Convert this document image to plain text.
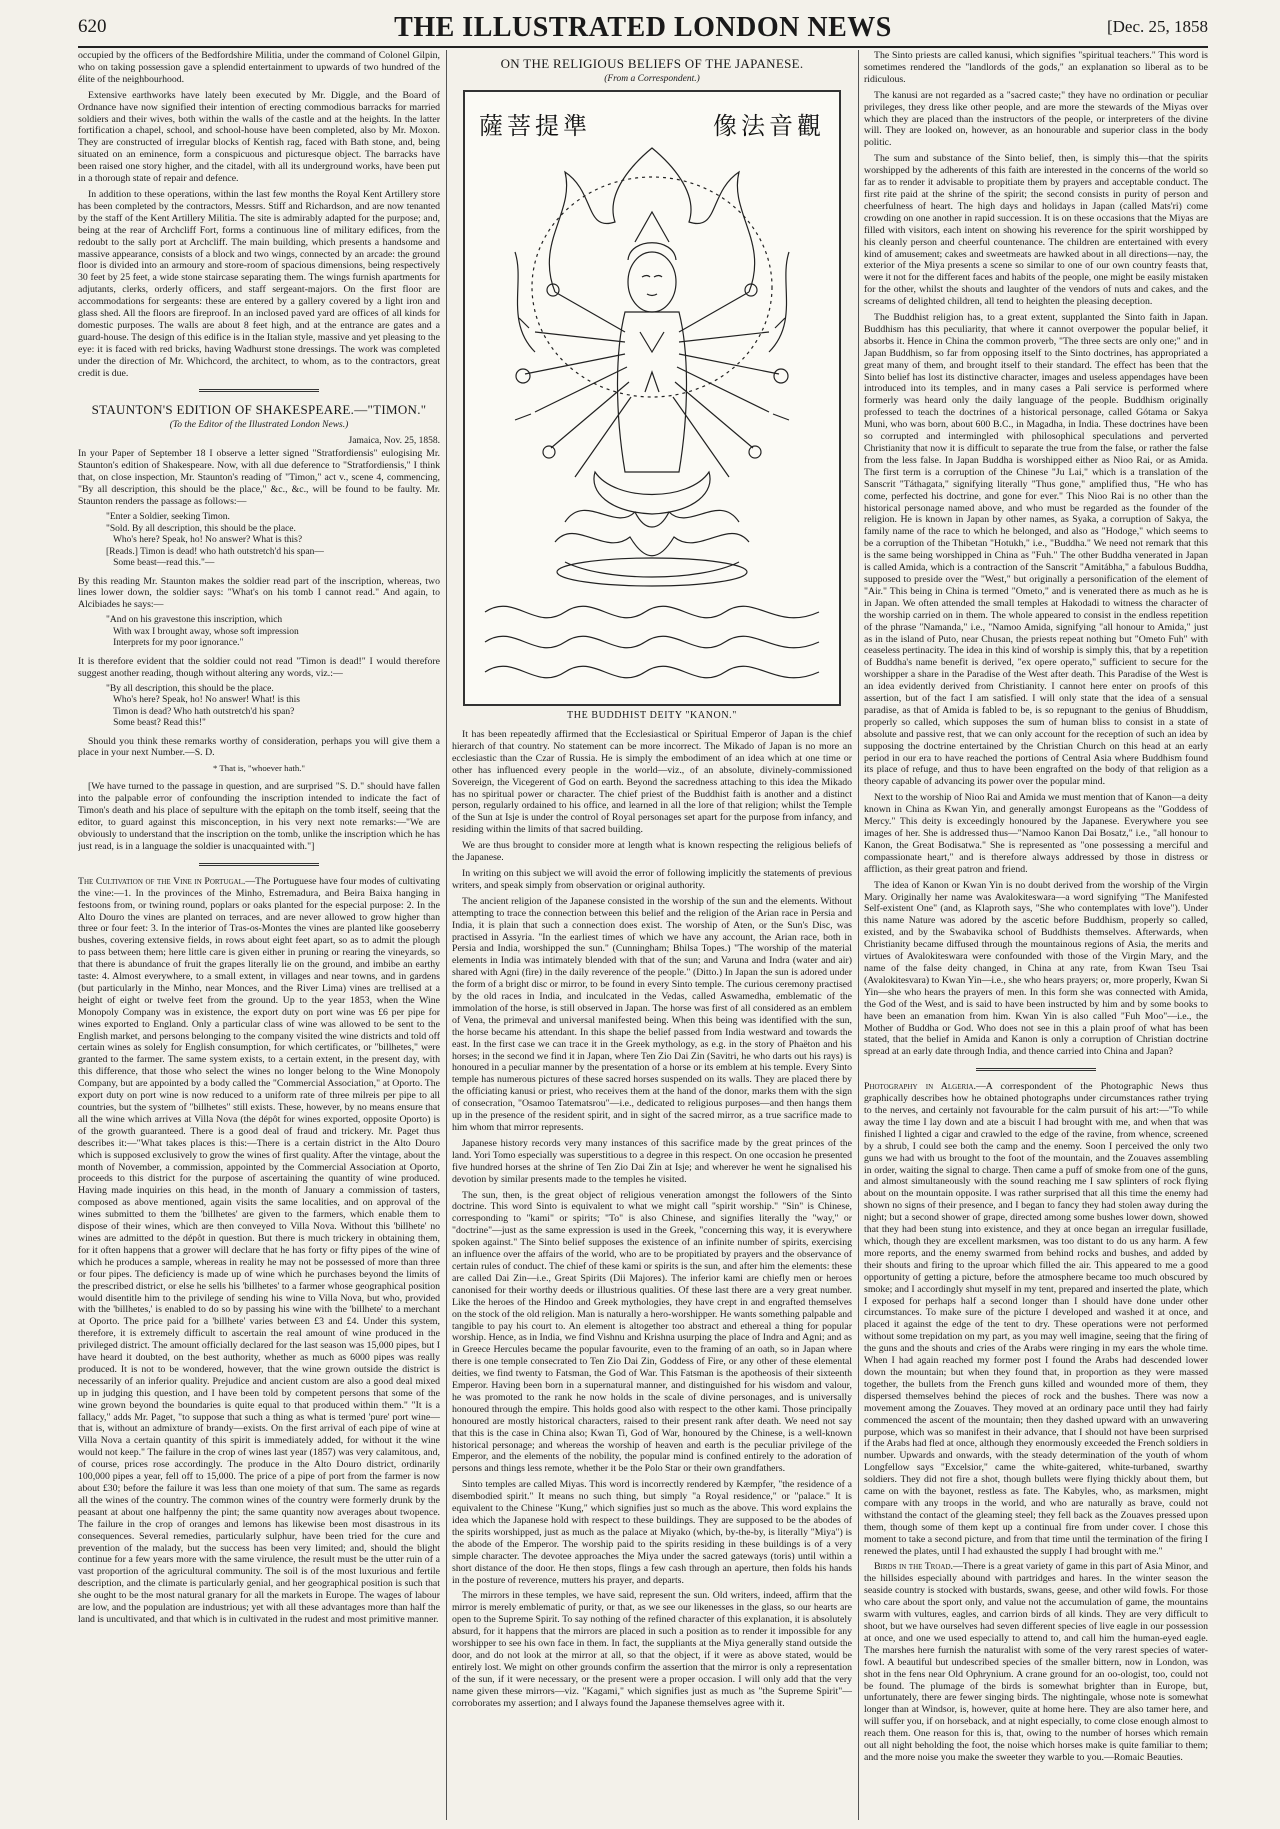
620	THE ILLUSTRATED LONDON NEWS	[Dec. 25, 1858

occupied by the officers of the Bedfordshire Militia, under the command of Colonel Gilpin, who on taking possession gave a splendid entertainment to upwards of two hundred of the élite of the neighbourhood.

Extensive earthworks have lately been executed by Mr. Diggle, and the Board of Ordnance have now signified their intention of erecting commodious barracks for married soldiers and their wives, both within the walls of the castle and at the heights. In the latter fortification a chapel, school, and school-house have been completed, also by Mr. Moxon. They are constructed of irregular blocks of Kentish rag, faced with Bath stone, and, being situated on an eminence, form a conspicuous and picturesque object. The barracks have been raised one story higher, and the citadel, with all its underground works, have been put in a thorough state of repair and defence.

In addition to these operations, within the last few months the Royal Kent Artillery store has been completed by the contractors, Messrs. Stiff and Richardson, and are now tenanted by the staff of the Kent Artillery Militia. The site is admirably adapted for the purpose; and, being at the rear of Archcliff Fort, forms a continuous line of military edifices, from the redoubt to the sally port at Archcliff. The main building, which presents a handsome and massive appearance, consists of a block and two wings, connected by an arcade: the ground floor is divided into an armoury and store-room of spacious dimensions, being respectively 30 feet by 25 feet, a wide stone staircase separating them. The wings furnish apartments for adjutants, clerks, orderly officers, and staff sergeant-majors. On the first floor are accommodations for sergeants: these are entered by a gallery covered by a light iron and glass shed. All the floors are fireproof. In an inclosed paved yard are offices of all kinds for domestic purposes. The walls are about 8 feet high, and at the entrance are gates and a guard-house. The design of this edifice is in the Italian style, massive and yet pleasing to the eye: it is faced with red bricks, having Wadhurst stone dressings. The work was completed under the direction of Mr. Whichcord, the architect, to whom, as to the contractors, great credit is due.

STAUNTON'S EDITION OF SHAKESPEARE.—"TIMON."
(To the Editor of the Illustrated London News.)
Jamaica, Nov. 25, 1858.

In your Paper of September 18 I observe a letter signed "Stratfordiensis" eulogising Mr. Staunton's edition of Shakespeare. Now, with all due deference to "Stratfordiensis," I think that, on close inspection, Mr. Staunton's reading of "Timon," act v., scene 4, commencing, "By all description, this should be the place," &c., &c., will be found to be faulty. Mr. Staunton renders the passage as follows:—

"Enter a Soldier, seeking Timon.
"Sold. By all description, this should be the place.
Who's here? Speak, ho! No answer? What is this?
[Reads.] Timon is dead! who hath outstretch'd his span—
Some beast—read this."—

By this reading Mr. Staunton makes the soldier read part of the inscription, whereas, two lines lower down, the soldier says: "What's on his tomb I cannot read." And again, to Alcibiades he says:—

"And on his gravestone this inscription, which
With wax I brought away, whose soft impression
Interprets for my poor ignorance."

It is therefore evident that the soldier could not read "Timon is dead!" I would therefore suggest another reading, though without altering any words, viz.:—

"By all description, this should be the place.
Who's here? Speak, ho! No answer! What! is this
Timon is dead? Who hath outstretch'd his span?
Some beast? Read this!"

Should you think these remarks worthy of consideration, perhaps you will give them a place in your next Number.—S. D.

* That is, "whoever hath."

[We have turned to the passage in question, and are surprised "S. D." should have fallen into the palpable error of confounding the inscription intended to indicate the fact of Timon's death and his place of sepulture with the epitaph on the tomb itself, seeing that the editor, to guard against this misconception, in his very next note remarks:—"We are obviously to understand that the inscription on the tomb, unlike the inscription which he has just read, is in a language the soldier is unacquainted with."]

The Cultivation of the Vine in Portugal.—The Portuguese have four modes of cultivating the vine:—1. In the provinces of the Minho, Estremadura, and Beira Baixa hanging in festoons from, or twining round, poplars or oaks planted for the especial purpose: 2. In the Alto Douro the vines are planted on terraces, and are never allowed to grow higher than three or four feet: 3. In the interior of Tras-os-Montes the vines are planted like gooseberry bushes, covering extensive fields, in rows about eight feet apart, so as to admit the plough to pass between them; here little care is given either in pruning or rearing the vineyards, so that there is abundance of fruit the grapes literally lie on the ground, and imbibe an earthy taste: 4. Almost everywhere, to a small extent, in villages and near towns, and in gardens (but particularly in the Minho, near Monces, and the River Lima) vines are trellised at a height of eight or twelve feet from the ground. Up to the year 1853, when the Wine Monopoly Company was in existence, the export duty on port wine was £6 per pipe for wines exported to England. Only a particular class of wine was allowed to be sent to the English market, and persons belonging to the company visited the wine districts and told off certain wines as solely for English consumption, for which certificates, or "billhetes," were granted to the farmer. The same system exists, to a certain extent, in the present day, with this difference, that those who select the wines no longer belong to the Wine Monopoly Company, but are appointed by a body called the "Commercial Association," at Oporto. The export duty on port wine is now reduced to a uniform rate of three milreis per pipe to all countries, but the system of "billhetes" still exists. These, however, by no means ensure that all the wine which arrives at Villa Nova (the dépôt for wines exported, opposite Oporto) is of the growth guaranteed. There is a good deal of fraud and trickery. Mr. Paget thus describes it:—"What takes places is this:—There is a certain district in the Alto Douro which is supposed exclusively to grow the wines of first quality. After the vintage, about the month of November, a commission, appointed by the Commercial Association at Oporto, proceeds to this district for the purpose of ascertaining the quantity of wine produced. Having made inquiries on this head, in the month of January a commission of tasters, composed as above mentioned, again visits the same localities, and on approval of the wines submitted to them the 'billhetes' are given to the farmers, which enable them to dispose of their wines, which are then conveyed to Villa Nova. Without this 'billhete' no wines are admitted to the dépôt in question. But there is much trickery in obtaining them, for it often happens that a grower will declare that he has forty or fifty pipes of the wine of which he produces a sample, whereas in reality he may not be possessed of more than three or four pipes. The deficiency is made up of wine which he purchases beyond the limits of the prescribed district, or else he sells his 'billhetes' to a farmer whose geographical position would disentitle him to the privilege of sending his wine to Villa Nova, but who, provided with the 'billhetes,' is enabled to do so by passing his wine with the 'billhete' to a merchant at Oporto. The price paid for a 'billhete' varies between £3 and £4. Under this system, therefore, it is extremely difficult to ascertain the real amount of wine produced in the privileged district. The amount officially declared for the last season was 15,000 pipes, but I have heard it doubted, on the best authority, whether as much as 6000 pipes was really produced. It is not to be wondered, however, that the wine grown outside the district is necessarily of an inferior quality. Prejudice and ancient custom are also a good deal mixed up in judging this question, and I have been told by competent persons that some of the wine grown beyond the boundaries is quite equal to that produced within them." "It is a fallacy," adds Mr. Paget, "to suppose that such a thing as what is termed 'pure' port wine—that is, without an admixture of brandy—exists. On the first arrival of each pipe of wine at Villa Nova a certain quantity of this spirit is immediately added, for without it the wine would not keep." The failure in the crop of wines last year (1857) was very calamitous, and, of course, prices rose accordingly. The produce in the Alto Douro district, ordinarily 100,000 pipes a year, fell off to 15,000. The price of a pipe of port from the farmer is now about £30; before the failure it was less than one moiety of that sum. The same as regards all the wines of the country. The common wines of the country were formerly drunk by the peasant at about one halfpenny the pint; the same quantity now averages about twopence. The failure in the crop of oranges and lemons has likewise been most disastrous in its consequences. Several remedies, particularly sulphur, have been tried for the cure and prevention of the malady, but the success has been very limited; and, should the blight continue for a few years more with the same virulence, the result must be the utter ruin of a vast proportion of the agricultural community. The soil is of the most luxurious and fertile description, and the climate is particularly genial, and her geographical position is such that she ought to be the most natural granary for all the markets in Europe. The wages of labour are low, and the population are industrious; yet with all these advantages more than half the land is uncultivated, and that which is in cultivated in the rudest and most primitive manner.

ON THE RELIGIOUS BELIEFS OF THE JAPANESE.
(From a Correspondent.)
薩菩提準	像法音觀
THE BUDDHIST DEITY "KANON."

It has been repeatedly affirmed that the Ecclesiastical or Spiritual Emperor of Japan is the chief hierarch of that country. No statement can be more incorrect. The Mikado of Japan is no more an ecclesiastic than the Czar of Russia. He is simply the embodiment of an idea which at one time or other has influenced every people in the world—viz., of an absolute, divinely-commissioned Sovereign, the Vicegerent of God on earth. Beyond the sacredness attaching to this idea the Mikado has no spiritual power or character. The chief priest of the Buddhist faith is another and a distinct person, regularly ordained to his office, and learned in all the lore of that religion; whilst the Temple of the Sun at Isje is under the control of Royal personages set apart for the purpose from infancy, and residing within the limits of that sacred building.

We are thus brought to consider more at length what is known respecting the religious beliefs of the Japanese.

In writing on this subject we will avoid the error of following implicitly the statements of previous writers, and speak simply from observation or original authority.

The ancient religion of the Japanese consisted in the worship of the sun and the elements. Without attempting to trace the connection between this belief and the religion of the Arian race in Persia and India, it is plain that such a connection does exist. The worship of Aten, or the Sun's Disc, was practised in Assyria. "In the earliest times of which we have any account, the Arian race, both in Persia and India, worshipped the sun." (Cunningham; Bhilsa Topes.) "The worship of the material elements in India was intimately blended with that of the sun; and Varuna and Indra (water and air) shared with Agni (fire) in the daily reverence of the people." (Ditto.) In Japan the sun is adored under the form of a bright disc or mirror, to be found in every Sinto temple. The curious ceremony practised by the old races in India, and inculcated in the Vedas, called Aswamedha, emblematic of the immolation of the horse, is still observed in Japan. The horse was first of all considered as an emblem of Vena, the primeval and universal manifested being. When this being was identified with the sun, the horse became his attendant. In this shape the belief passed from India westward and towards the east. In the first case we can trace it in the Greek mythology, as e.g. in the story of Phaëton and his horses; in the second we find it in Japan, where Ten Zio Dai Zin (Savitri, he who darts out his rays) is honoured in a peculiar manner by the presentation of a horse or its emblem at his temple. Every Sinto temple has numerous pictures of these sacred horses suspended on its walls. They are placed there by the officiating kanusi or priest, who receives them at the hand of the donor, marks them with the sign of consecration, "Osamoo Tatematsrou"—i.e., dedicated to religious purposes—and then hangs them up in the presence of the resident spirit, and in sight of the sacred mirror, as a true sacrifice made to him whom that mirror represents.

Japanese history records very many instances of this sacrifice made by the great princes of the land. Yori Tomo especially was superstitious to a degree in this respect. On one occasion he presented five hundred horses at the shrine of Ten Zio Dai Zin at Isje; and wherever he went he signalised his devotion by similar presents made to the temples he visited.

The sun, then, is the great object of religious veneration amongst the followers of the Sinto doctrine. This word Sinto is equivalent to what we might call "spirit worship." "Sin" is Chinese, corresponding to "kami" or spirits; "To" is also Chinese, and signifies literally the "way," or "doctrine"—just as the same expression is used in the Greek, "concerning this way, it is everywhere spoken against." The Sinto belief supposes the existence of an infinite number of spirits, exercising an influence over the affairs of the world, who are to be propitiated by prayers and the observance of certain rules of conduct. The chief of these kami or spirits is the sun, and after him the elements: these are called Dai Zin—i.e., Great Spirits (Dii Majores). The inferior kami are chiefly men or heroes canonised for their worthy deeds or illustrious qualities. Of these last there are a very great number. Like the heroes of the Hindoo and Greek mythologies, they have crept in and engrafted themselves on the stock of the old religion. Man is naturally a hero-worshipper. He wants something palpable and tangible to pay his court to. An element is altogether too abstract and ethereal a thing for popular worship. Hence, as in India, we find Vishnu and Krishna usurping the place of Indra and Agni; and as in Greece Hercules became the popular favourite, even to the framing of an oath, so in Japan where there is one temple consecrated to Ten Zio Dai Zin, Goddess of Fire, or any other of these elemental deities, we find twenty to Fatsman, the God of War. This Fatsman is the apotheosis of their sixteenth Emperor. Having been born in a supernatural manner, and distinguished for his wisdom and valour, he was promoted to the rank he now holds in the scale of divine personages, and is universally honoured through the empire. This holds good also with respect to the other kami. Those principally honoured are mostly historical characters, raised to their present rank after death. We need not say that this is the case in China also; Kwan Ti, God of War, honoured by the Chinese, is a well-known historical personage; and whereas the worship of heaven and earth is the peculiar privilege of the Emperor, and the elements of the nobility, the popular mind is confined entirely to the adoration of persons and things less remote, whether it be the Polo Star or their own grandfathers.

Sinto temples are called Miyas. This word is incorrectly rendered by Kæmpfer, "the residence of a disembodied spirit." It means no such thing, but simply "a Royal residence," or "palace." It is equivalent to the Chinese "Kung," which signifies just so much as the above. This word explains the idea which the Japanese hold with respect to these buildings. They are supposed to be the abodes of the spirits worshipped, just as much as the palace at Miyako (which, by-the-by, is literally "Miya") is the abode of the Emperor. The worship paid to the spirits residing in these buildings is of a very simple character. The devotee approaches the Miya under the sacred gateways (toris) until within a short distance of the door. He then stops, flings a few cash through an aperture, then folds his hands in the posture of reverence, mutters his prayer, and departs.

The mirrors in these temples, we have said, represent the sun. Old writers, indeed, affirm that the mirror is merely emblematic of purity, or that, as we see our likenesses in the glass, so our hearts are open to the Supreme Spirit. To say nothing of the refined character of this explanation, it is absolutely absurd, for it happens that the mirrors are placed in such a position as to render it impossible for any worshipper to see his own face in them. In fact, the suppliants at the Miya generally stand outside the door, and do not look at the mirror at all, so that the object, if it were as above stated, would be entirely lost. We might on other grounds confirm the assertion that the mirror is only a representation of the sun, if it were necessary, or the present were a proper occasion. I will only add that the very name given these mirrors—viz. "Kagami," which signifies just as much as "the Supreme Spirit"—corroborates my assertion; and I always found the Japanese themselves agree with it.

The Sinto priests are called kanusi, which signifies "spiritual teachers." This word is sometimes rendered the "landlords of the gods," an explanation so liberal as to be ridiculous.

The kanusi are not regarded as a "sacred caste;" they have no ordination or peculiar privileges, they dress like other people, and are more the stewards of the Miyas over which they are placed than the instructors of the people, or interpreters of the divine will. They are looked on, however, as an honourable and superior class in the body politic.

The sum and substance of the Sinto belief, then, is simply this—that the spirits worshipped by the adherents of this faith are interested in the concerns of the world so far as to render it advisable to propitiate them by prayers and acceptable conduct. The first rite paid at the shrine of the spirit; the second consists in purity of person and cheerfulness of heart. The high days and holidays in Japan (called Mats'ri) come crowding on one another in rapid succession. It is on these occasions that the Miyas are filled with visitors, each intent on showing his reverence for the spirit worshipped by his cleanly person and cheerful countenance. The children are entertained with every kind of amusement; cakes and sweetmeats are hawked about in all directions—nay, the exterior of the Miya presents a scene so similar to one of our own country feasts that, were it not for the different faces and habits of the people, one might be easily mistaken for the other, whilst the shouts and laughter of the vendors of nuts and cakes, and the screams of delighted children, all tend to heighten the pleasing deception.

The Buddhist religion has, to a great extent, supplanted the Sinto faith in Japan. Buddhism has this peculiarity, that where it cannot overpower the popular belief, it absorbs it. Hence in China the common proverb, "The three sects are only one;" and in Japan Buddhism, so far from opposing itself to the Sinto doctrines, has appropriated a great many of them, and brought itself to their standard. The effect has been that the Sinto belief has lost its distinctive character, images and useless appendages have been introduced into its temples, and in many cases a Pali service is performed where formerly was heard only the daily language of the people. Buddhism originally professed to teach the doctrines of a historical personage, called Gótama or Sakya Muni, who was born, about 600 B.C., in Magadha, in India. These doctrines have been so corrupted and intermingled with philosophical speculations and perverted Christianity that now it is difficult to separate the true from the false, or rather the false from the less false. In Japan Buddha is worshipped either as Nioo Rai, or as Amida. The first term is a corruption of the Chinese "Ju Lai," which is a translation of the Sanscrit "Táthagata," signifying literally "Thus gone," amplified thus, "He who has come, perfected his doctrine, and gone for ever." This Nioo Rai is no other than the historical personage named above, and who must be regarded as the founder of the religion. He is known in Japan by other names, as Syaka, a corruption of Sakya, the family name of the race to which he belonged, and also as "Hodoge," which seems to be a corruption of the Thibetan "Hotukh," i.e., "Buddha." We need not remark that this is the same being worshipped in China as "Fuh." The other Buddha venerated in Japan is called Amida, which is a contraction of the Sanscrit "Amitábha," a fabulous Buddha, supposed to preside over the "West," but originally a personification of the element of "Air." This being in China is termed "Ometo," and is venerated there as much as he is in Japan. We often attended the small temples at Hakodadi to witness the character of the worship carried on in them. The whole appeared to consist in the endless repetition of the phrase "Namanda," i.e., "Namoo Amida, signifying "all honour to Amida," just as in the island of Puto, near Chusan, the priests repeat nothing but "Ometo Fuh" with ceaseless pertinacity. The idea in this kind of worship is simply this, that by a repetition of Buddha's name benefit is derived, "ex opere operato," sufficient to secure for the worshipper a share in the Paradise of the West after death. This Paradise of the West is an idea evidently derived from Christianity. I cannot here enter on proofs of this assertion, but of the fact I am satisfied. I will only state that the idea of a sensual paradise, as that of Amida is fabled to be, is so repugnant to the genius of Bhuddism, properly so called, which supposes the sum of human bliss to consist in a state of absolute and passive rest, that we can only account for the reception of such an idea by supposing the doctrine entertained by the Christian Church on this head at an early period in our era to have reached the portions of Central Asia where Buddhism found its place of refuge, and thus to have been engrafted on the body of that religion as a theory capable of advancing its power over the popular mind.

Next to the worship of Nioo Rai and Amida we must mention that of Kanon—a deity known in China as Kwan Yin, and generally amongst Europeans as the "Goddess of Mercy." This deity is exceedingly honoured by the Japanese. Everywhere you see images of her. She is addressed thus—"Namoo Kanon Dai Bosatz," i.e., "all honour to Kanon, the Great Bodisatwa." She is represented as "one possessing a merciful and compassionate heart," and is therefore always addressed by those in distress or affliction, as their great patron and friend.

The idea of Kanon or Kwan Yin is no doubt derived from the worship of the Virgin Mary. Originally her name was Avalokiteswara—a word signifying "The Manifested Self-existent One" (and, as Klaproth says, "She who contemplates with love"). Under this name Nature was adored by the ascetic before Buddhism, properly so called, existed, and by the Swabavika school of Buddhists themselves. Afterwards, when Christianity became diffused through the mountainous regions of Asia, the merits and virtues of Avalokiteswara were confounded with those of the Virgin Mary, and the name of the false deity changed, in China at any rate, from Kwan Tseu Tsai (Avalokitesvara) to Kwan Yin—i.e., she who hears prayers; or, more properly, Kwan Si Yin—she who hears the prayers of men. In this form she was connected with Amida, the God of the West, and is said to have been instructed by him and by some books to have been an emanation from him. Kwan Yin is also called "Fuh Moo"—i.e., the Mother of Buddha or God. Who does not see in this a plain proof of what has been stated, that the belief in Amida and Kanon is only a corruption of Christian doctrine spread at an early date through India, and thence carried into China and Japan?

Photography in Algeria.—A correspondent of the Photographic News thus graphically describes how he obtained photographs under circumstances rather trying to the nerves, and certainly not favourable for the calm pursuit of his art:—"To while away the time I lay down and ate a biscuit I had brought with me, and when that was finished I lighted a cigar and crawled to the edge of the ravine, from whence, screened by a shrub, I could see both the camp and the enemy. Soon I perceived the only two guns we had with us brought to the foot of the mountain, and the Zouaves assembling in order, waiting the signal to charge. Then came a puff of smoke from one of the guns, and almost simultaneously with the sound reaching me I saw splinters of rock flying about on the mountain opposite. I was rather surprised that all this time the enemy had shown no signs of their presence, and I began to fancy they had stolen away during the night; but a second shower of grape, directed among some bushes lower down, showed that they had been stung into existence, and they at once began an irregular fusillade, which, though they are excellent marksmen, was too distant to do us any harm. A few more reports, and the enemy swarmed from behind rocks and bushes, and added by their shouts and firing to the uproar which filled the air. This appeared to me a good opportunity of getting a picture, before the atmosphere became too much obscured by smoke; and I accordingly shut myself in my tent, prepared and inserted the plate, which I exposed for perhaps half a second longer than I should have done under other circumstances. To make sure of the picture I developed and washed it at once, and placed it against the edge of the tent to dry. These operations were not performed without some trepidation on my part, as you may well imagine, seeing that the firing of the guns and the shouts and cries of the Arabs were ringing in my ears the whole time. When I had again reached my former post I found the Arabs had descended lower down the mountain; but when they found that, in proportion as they were massed together, the bullets from the French guns killed and wounded more of them, they dispersed themselves behind the pieces of rock and the bushes. There was now a movement among the Zouaves. They moved at an ordinary pace until they had fairly commenced the ascent of the mountain; then they dashed upward with an unwavering purpose, which was so manifest in their advance, that I should not have been surprised if the Arabs had fled at once, although they enormously exceeded the French soldiers in number. Upwards and onwards, with the steady determination of the youth of whom Longfellow says "Excelsior," came the white-gaitered, white-turbaned, swarthy soldiers. They did not fire a shot, though bullets were flying thickly about them, but came on with the bayonet, restless as fate. The Kabyles, who, as marksmen, might compare with any troops in the world, and who are naturally as brave, could not withstand the contact of the gleaming steel; they fell back as the Zouaves pressed upon them, though some of them kept up a continual fire from under cover. I chose this moment to take a second picture, and from that time until the termination of the firing I renewed the plates, until I had exhausted the supply I had brought with me."

Birds in the Troad.—There is a great variety of game in this part of Asia Minor, and the hillsides especially abound with partridges and hares. In the winter season the seaside country is stocked with bustards, swans, geese, and other wild fowls. For those who care about the sport only, and value not the accumulation of game, the mountains swarm with vultures, eagles, and carrion birds of all kinds. They are very difficult to shoot, but we have ourselves had seven different species of live eagle in our possession at once, and one we used especially to attend to, and call him the human-eyed eagle. The marshes here furnish the naturalist with some of the very rarest species of water-fowl. A beautiful but undescribed species of the smaller bittern, now in London, was shot in the fens near Old Ophrynium. A crane ground for an oo-ologist, too, could not be found. The plumage of the birds is somewhat brighter than in Europe, but, unfortunately, there are fewer singing birds. The nightingale, whose note is somewhat longer than at Windsor, is, however, quite at home here. They are also tamer here, and will suffer you, if on horseback, and at night especially, to come close enough almost to reach them. One reason for this is, that, owing to the number of horses which remain out all night beholding the foot, the noise which horses make is quite familiar to them; and the more noise you make the sweeter they warble to you.—Romaic Beauties.
